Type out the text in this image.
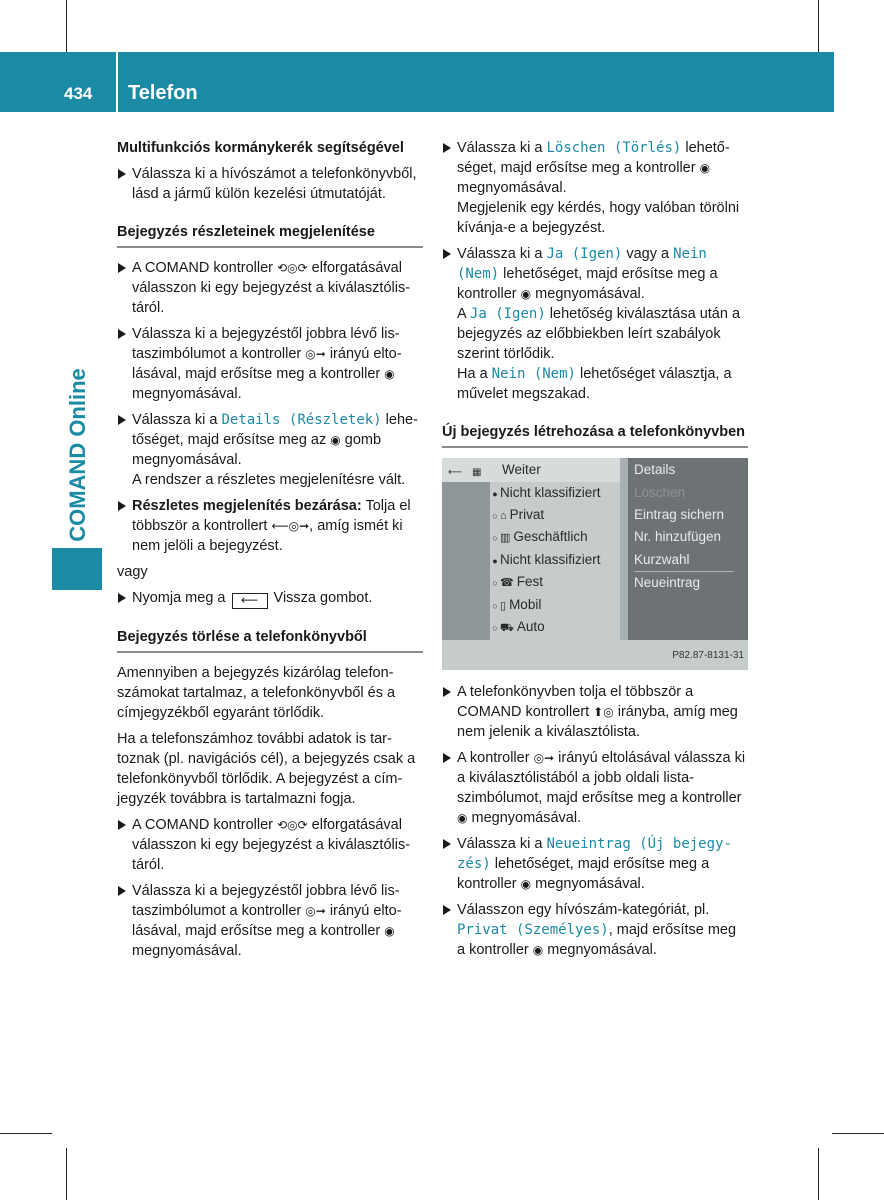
434 Telefon
COMAND Online
Multifunkciós kormánykerék segítségével
Válassza ki a hívószámot a telefonkönyvből, lásd a jármű külön kezelési útmutatóját.
Bejegyzés részleteinek megjelenítése
A COMAND kontroller ⟲◎⟳ elforgatásával válasszon ki egy bejegyzést a kiválasztólistáról.
Válassza ki a bejegyzéstől jobbra lévő listaszimbólumot a kontroller ◎➞ irányú eltolásával, majd erősítse meg a kontroller ◉ megnyomásával.
Válassza ki a Details (Részletek) lehetőséget, majd erősítse meg az ◉ gomb megnyomásával.
A rendszer a részletes megjelenítésre vált.
Részletes megjelenítés bezárása: Tolja el többször a kontrollert ⟵◎➞, amíg ismét ki nem jelöli a bejegyzést.
vagy
Nyomja meg a ⟵ Vissza gombot.
Bejegyzés törlése a telefonkönyvből
Amennyiben a bejegyzés kizárólag telefonszámokat tartalmaz, a telefonkönyvből és a címjegyzékből egyaránt törlődik.
Ha a telefonszámhoz további adatok is tartoznak (pl. navigációs cél), a bejegyzés csak a telefonkönyvből törlődik. A bejegyzést a címjegyzék továbbra is tartalmazni fogja.
A COMAND kontroller ⟲◎⟳ elforgatásával válasszon ki egy bejegyzést a kiválasztólistáról.
Válassza ki a bejegyzéstől jobbra lévő listaszimbólumot a kontroller ◎➞ irányú eltolásával, majd erősítse meg a kontroller ◉ megnyomásával.
Válassza ki a Löschen (Törlés) lehetőséget, majd erősítse meg a kontroller ◉ megnyomásával.
Megjelenik egy kérdés, hogy valóban törölni kívánja-e a bejegyzést.
Válassza ki a Ja (Igen) vagy a Nein (Nem) lehetőséget, majd erősítse meg a kontroller ◉ megnyomásával.
A Ja (Igen) lehetőség kiválasztása után a bejegyzés az előbbiekben leírt szabályok szerint törlődik.
Ha a Nein (Nem) lehetőséget választja, a művelet megszakad.
Új bejegyzés létrehozása a telefonkönyvben
⟵ ▦ Weiter
● Nicht klassifiziert
○ ⌂ Privat
○ ▥ Geschäftlich
● Nicht klassifiziert
○ ☎ Fest
○ ▯ Mobil
○ ⛟ Auto
Details
Löschen
Eintrag sichern
Nr. hinzufügen
Kurzwahl
Neueintrag
P82.87-8131-31
A telefonkönyvben tolja el többször a COMAND kontrollert ⬆◎ irányba, amíg meg nem jelenik a kiválasztólista.
A kontroller ◎➞ irányú eltolásával válassza ki a kiválasztólistából a jobb oldali listaszimbólumot, majd erősítse meg a kontroller ◉ megnyomásával.
Válassza ki a Neueintrag (Új bejegyzés) lehetőséget, majd erősítse meg a kontroller ◉ megnyomásával.
Válasszon egy hívószám-kategóriát, pl. Privat (Személyes), majd erősítse meg a kontroller ◉ megnyomásával.
